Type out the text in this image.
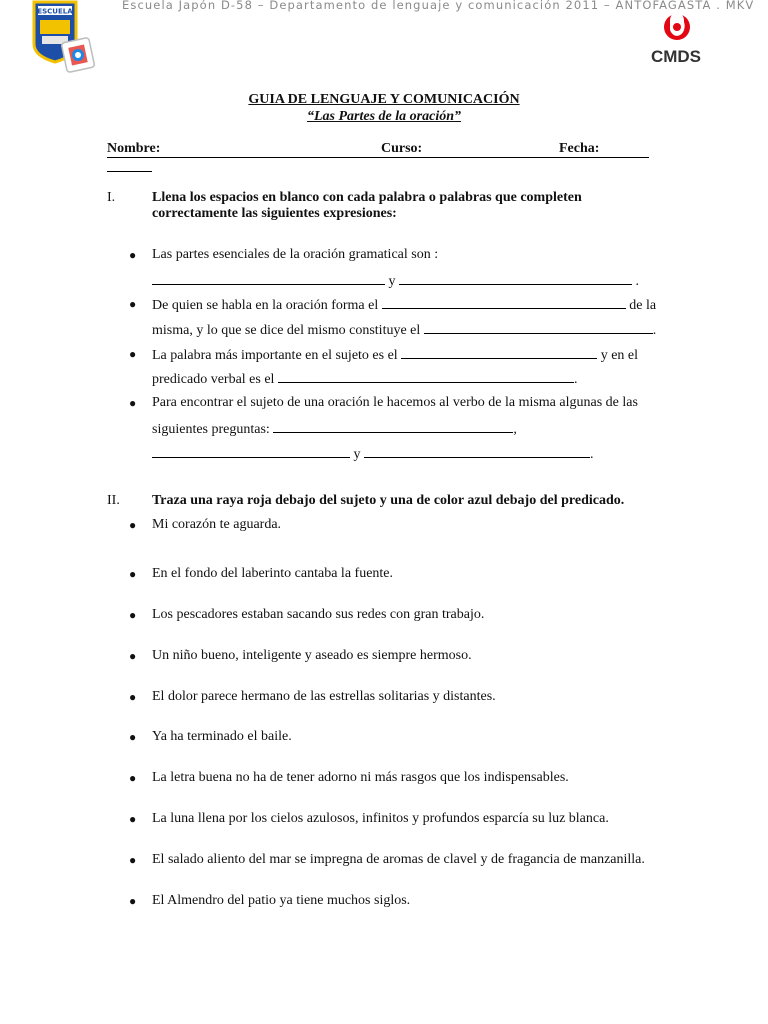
Escuela Japón D-58 – Departamento de lenguaje y comunicación 2011 – ANTOFAGASTA . MKV
ESCUELA
CMDS
GUIA DE LENGUAJE Y COMUNICACIÓN
“Las Partes de la oración”
Nombre:	Curso:	Fecha:
I.	Llena los espacios en blanco con cada palabra o palabras que completen correctamente las siguientes expresiones:
● Las partes esenciales de la oración gramatical son :
y	.
● De quien se habla en la oración forma el	de la
misma, y lo que se dice del mismo constituye el	.
● La palabra más importante en el sujeto es el	y en el
predicado verbal es el	.
● Para encontrar el sujeto de una oración le hacemos al verbo de la misma algunas de las
siguientes preguntas:	,
y	.
II. Traza una raya roja debajo del sujeto y una de color azul debajo del predicado.
● Mi corazón te aguarda.
● En el fondo del laberinto cantaba la fuente.
● Los pescadores estaban sacando sus redes con gran trabajo.
● Un niño bueno, inteligente y aseado es siempre hermoso.
● El dolor parece hermano de las estrellas solitarias y distantes.
● Ya ha terminado el baile.
● La letra buena no ha de tener adorno ni más rasgos que los indispensables.
● La luna llena por los cielos azulosos, infinitos y profundos esparcía su luz blanca.
● El salado aliento del mar se impregna de aromas de clavel y de fragancia de manzanilla.
● El Almendro del patio ya tiene muchos siglos.
